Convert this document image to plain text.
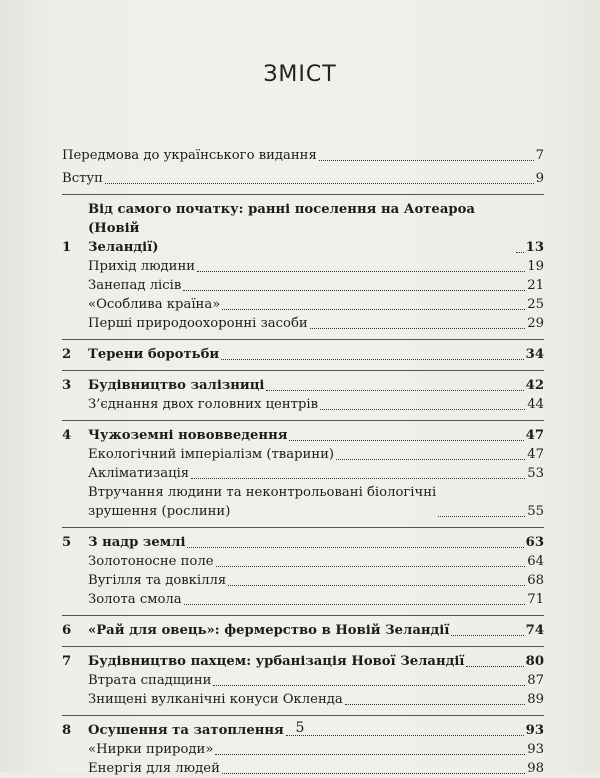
ЗМІСТ
Передмова до українського видання	7
Вступ	9
1
Від самого початку: ранні поселення на Аотеароа (Новій
Зеландії)	13
Прихід людини	19
Занепад лісів	21
«Особлива країна»	25
Перші природоохоронні засоби	29
2	Терени боротьби	34
3	Будівництво залізниці	42
З’єднання двох головних центрів	44
4	Чужоземні нововведення	47
Екологічний імперіалізм (тварини)	47
Акліматизація	53
Втручання людини та неконтрольовані біологічні
зрушення (рослини)	55
5	З надр землі	63
Золотоносне поле	64
Вугілля та довкілля	68
Золота смола	71
6	«Рай для овець»: фермерство в Новій Зеландії	74
7	Будівництво пахцем: урбанізація Нової Зеландії	80
Втрата спадщини	87
Знищені вулканічні конуси Окленда	89
8	Осушення та затоплення	93
«Нирки природи»	93
Енергія для людей	98
5
